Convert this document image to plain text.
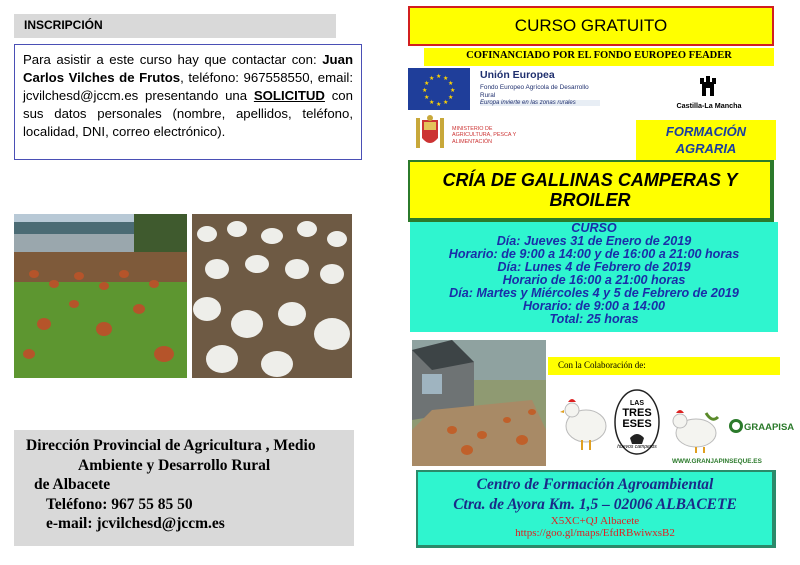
INSCRIPCIÓN
Para asistir a este curso hay que contactar con: Juan Carlos Vilches de Frutos, teléfono: 967558550, email: jcvilchesd@jccm.es presentando una SOLICITUD con sus datos personales (nombre, apellidos, teléfono, localidad, DNI, correo electrónico).
Dirección Provincial de Agricultura , Medio
Ambiente y Desarrollo Rural
de Albacete
Teléfono: 967 55 85 50
e-mail: jcvilchesd@jccm.es
CURSO GRATUITO
COFINANCIADO POR EL FONDO EUROPEO FEADER
★ ★
★
★
★
★
★
★
★
★
★
★	Unión Europea
Fondo Europeo Agrícola de Desarrollo Rural
Europa invierte en las zonas rurales	Castilla-La Mancha
MINISTERIO DE AGRICULTURA, PESCA Y ALIMENTACIÓN
FORMACIÓN
AGRARIA
CRÍA DE GALLINAS CAMPERAS Y
BROILER
CURSO
Día: Jueves 31 de Enero de 2019
Horario: de 9:00 a 14:00 y de 16:00 a 21:00 horas
Día: Lunes 4 de Febrero de 2019
Horario de 16:00 a 21:00 horas
Día: Martes y Miércoles 4 y 5 de Febrero de 2019
Horario: de 9:00 a 14:00
Total: 25 horas
Con la Colaboración de:
LAS
TRES
ESES
huevos camperos
GRAAPISA
WWW.GRANJAPINSEQUE.ES
Centro de Formación Agroambiental
Ctra. de Ayora Km. 1,5 – 02006 ALBACETE
X5XC+QJ Albacete
https://goo.gl/maps/EfdRBwiwxsB2
